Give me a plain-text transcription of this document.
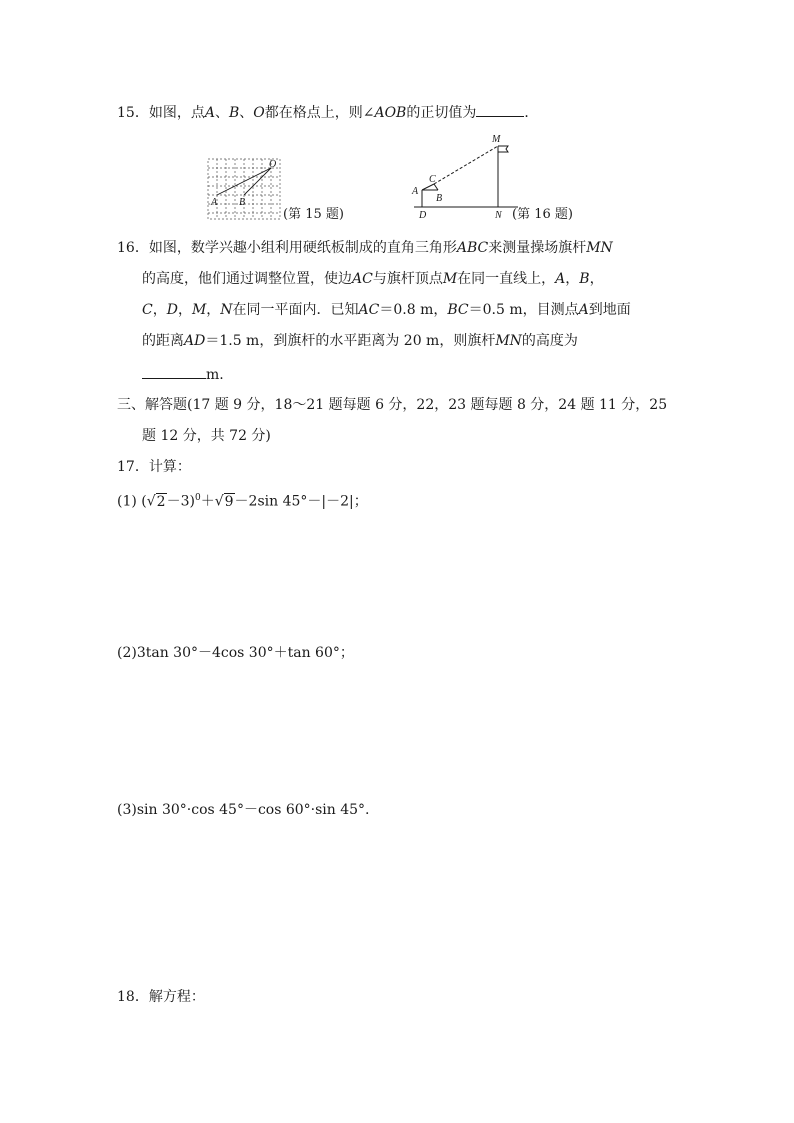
15．如图，点A、B、O都在格点上，则∠AOB的正切值为	．
O
A B
(第 15 题)
M
C
A
B
D	N (第 16 题)
16．如图，数学兴趣小组利用硬纸板制成的直角三角形ABC来测量操场旗杆MN
的高度，他们通过调整位置，使边AC与旗杆顶点M在同一直线上，A，B，
C，D，M，N在同一平面内．已知AC＝0.8 m，BC＝0.5 m，目测点A到地面
的距离AD＝1.5 m，到旗杆的水平距离为 20 m，则旗杆MN的高度为
m.
三、解答题(17 题 9 分，18～21 题每题 6 分，22，23 题每题 8 分，24 题 11 分，25
题 12 分，共 72 分)
17．计算：
(1) $(√2-3)^0+√9-2\sin$ 45°－|－2|；
(2)3tan 30°－4cos 30°＋tan 60°；
(3)sin 30°·cos 45°－cos 60°·sin 45°.
18．解方程：
